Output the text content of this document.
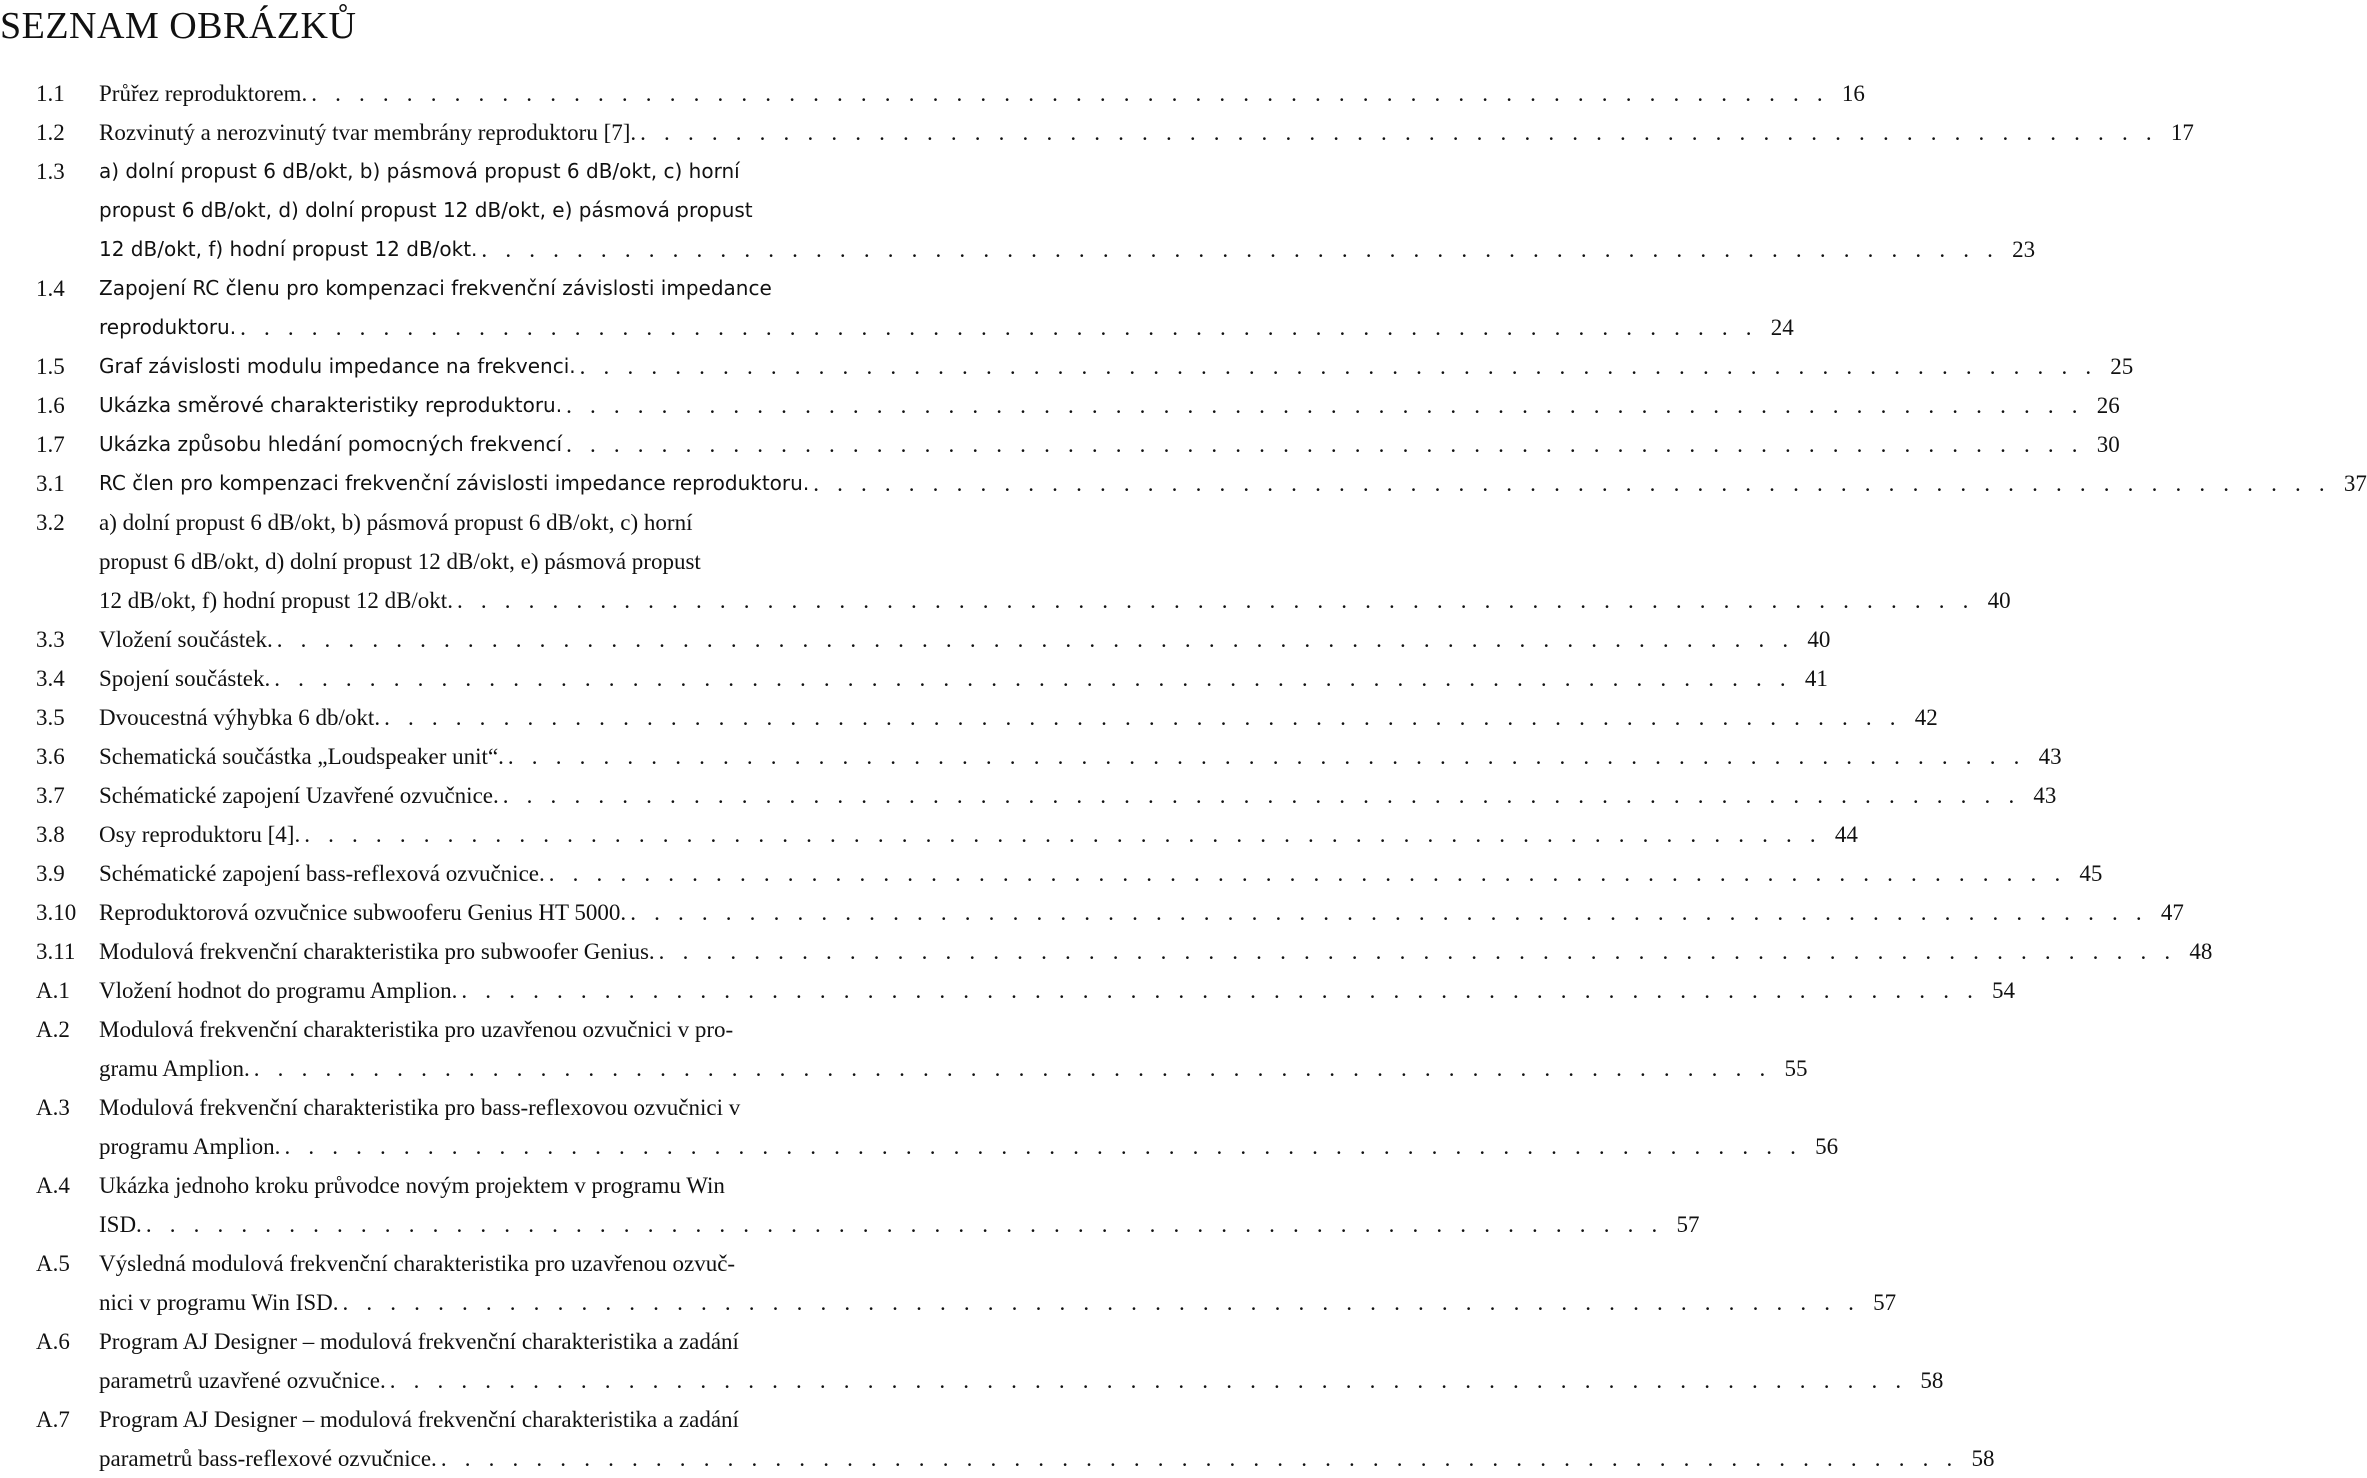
SEZNAM OBRÁZKŮ
1.1	Průřez reproduktorem. . . . . . . . . . . . . . . . . . . . . . . . . . . . . . . . . . . . . . . . . . . . . . . . . . . . . . . . . . . . . . . . . 16
1.2	Rozvinutý a nerozvinutý tvar membrány reproduktoru [7]. . . . . . . . . . . . . . . . . . . . . . . . . . . . . . . . . . . . . . . . . . . . . . . . . . . . . . . . . . . . . . . . . 17
1.3	a) dolní propust 6 dB/okt, b) pásmová propust 6 dB/okt, c) horní
propust 6 dB/okt, d) dolní propust 12 dB/okt, e) pásmová propust
12 dB/okt, f) hodní propust 12 dB/okt. . . . . . . . . . . . . . . . . . . . . . . . . . . . . . . . . . . . . . . . . . . . . . . . . . . . . . . . . . . . . . . . . 23
1.4	Zapojení RC členu pro kompenzaci frekvenční závislosti impedance
reproduktoru. . . . . . . . . . . . . . . . . . . . . . . . . . . . . . . . . . . . . . . . . . . . . . . . . . . . . . . . . . . . . . . . . 24
1.5	Graf závislosti modulu impedance na frekvenci. . . . . . . . . . . . . . . . . . . . . . . . . . . . . . . . . . . . . . . . . . . . . . . . . . . . . . . . . . . . . . . . . 25
1.6	Ukázka směrové charakteristiky reproduktoru. . . . . . . . . . . . . . . . . . . . . . . . . . . . . . . . . . . . . . . . . . . . . . . . . . . . . . . . . . . . . . . . . 26
1.7	Ukázka způsobu hledání pomocných frekvencí . . . . . . . . . . . . . . . . . . . . . . . . . . . . . . . . . . . . . . . . . . . . . . . . . . . . . . . . . . . . . . . . 30
3.1	RC člen pro kompenzaci frekvenční závislosti impedance reproduktoru. . . . . . . . . . . . . . . . . . . . . . . . . . . . . . . . . . . . . . . . . . . . . . . . . . . . . . . . . . . . . . . . . 37
3.2	a) dolní propust 6 dB/okt, b) pásmová propust 6 dB/okt, c) horní
propust 6 dB/okt, d) dolní propust 12 dB/okt, e) pásmová propust
12 dB/okt, f) hodní propust 12 dB/okt. . . . . . . . . . . . . . . . . . . . . . . . . . . . . . . . . . . . . . . . . . . . . . . . . . . . . . . . . . . . . . . . . 40
3.3	Vložení součástek. . . . . . . . . . . . . . . . . . . . . . . . . . . . . . . . . . . . . . . . . . . . . . . . . . . . . . . . . . . . . . . . . 40
3.4	Spojení součástek. . . . . . . . . . . . . . . . . . . . . . . . . . . . . . . . . . . . . . . . . . . . . . . . . . . . . . . . . . . . . . . . . 41
3.5	Dvoucestná výhybka 6 db/okt. . . . . . . . . . . . . . . . . . . . . . . . . . . . . . . . . . . . . . . . . . . . . . . . . . . . . . . . . . . . . . . . . 42
3.6	Schematická součástka „Loudspeaker unit“. . . . . . . . . . . . . . . . . . . . . . . . . . . . . . . . . . . . . . . . . . . . . . . . . . . . . . . . . . . . . . . . . 43
3.7	Schématické zapojení Uzavřené ozvučnice. . . . . . . . . . . . . . . . . . . . . . . . . . . . . . . . . . . . . . . . . . . . . . . . . . . . . . . . . . . . . . . . . 43
3.8	Osy reproduktoru [4]. . . . . . . . . . . . . . . . . . . . . . . . . . . . . . . . . . . . . . . . . . . . . . . . . . . . . . . . . . . . . . . . . 44
3.9	Schématické zapojení bass-reflexová ozvučnice. . . . . . . . . . . . . . . . . . . . . . . . . . . . . . . . . . . . . . . . . . . . . . . . . . . . . . . . . . . . . . . . . 45
3.10 Reproduktorová ozvučnice subwooferu Genius HT 5000. . . . . . . . . . . . . . . . . . . . . . . . . . . . . . . . . . . . . . . . . . . . . . . . . . . . . . . . . . . . . . . . . 47
3.11	Modulová frekvenční charakteristika pro subwoofer Genius. . . . . . . . . . . . . . . . . . . . . . . . . . . . . . . . . . . . . . . . . . . . . . . . . . . . . . . . . . . . . . . . . 48
A.1	Vložení hodnot do programu Amplion. . . . . . . . . . . . . . . . . . . . . . . . . . . . . . . . . . . . . . . . . . . . . . . . . . . . . . . . . . . . . . . . . 54
A.2	Modulová frekvenční charakteristika pro uzavřenou ozvučnici v pro-
gramu Amplion. . . . . . . . . . . . . . . . . . . . . . . . . . . . . . . . . . . . . . . . . . . . . . . . . . . . . . . . . . . . . . . . . 55
A.3	Modulová frekvenční charakteristika pro bass-reflexovou ozvučnici v
programu Amplion. . . . . . . . . . . . . . . . . . . . . . . . . . . . . . . . . . . . . . . . . . . . . . . . . . . . . . . . . . . . . . . . . 56
A.4	Ukázka jednoho kroku průvodce novým projektem v programu Win
ISD. . . . . . . . . . . . . . . . . . . . . . . . . . . . . . . . . . . . . . . . . . . . . . . . . . . . . . . . . . . . . . . . . 57
A.5	Výsledná modulová frekvenční charakteristika pro uzavřenou ozvuč-
nici v programu Win ISD. . . . . . . . . . . . . . . . . . . . . . . . . . . . . . . . . . . . . . . . . . . . . . . . . . . . . . . . . . . . . . . . . 57
A.6	Program AJ Designer – modulová frekvenční charakteristika a zadání
parametrů uzavřené ozvučnice. . . . . . . . . . . . . . . . . . . . . . . . . . . . . . . . . . . . . . . . . . . . . . . . . . . . . . . . . . . . . . . . . 58
A.7	Program AJ Designer – modulová frekvenční charakteristika a zadání
parametrů bass-reflexové ozvučnice. . . . . . . . . . . . . . . . . . . . . . . . . . . . . . . . . . . . . . . . . . . . . . . . . . . . . . . . . . . . . . . . . 58
